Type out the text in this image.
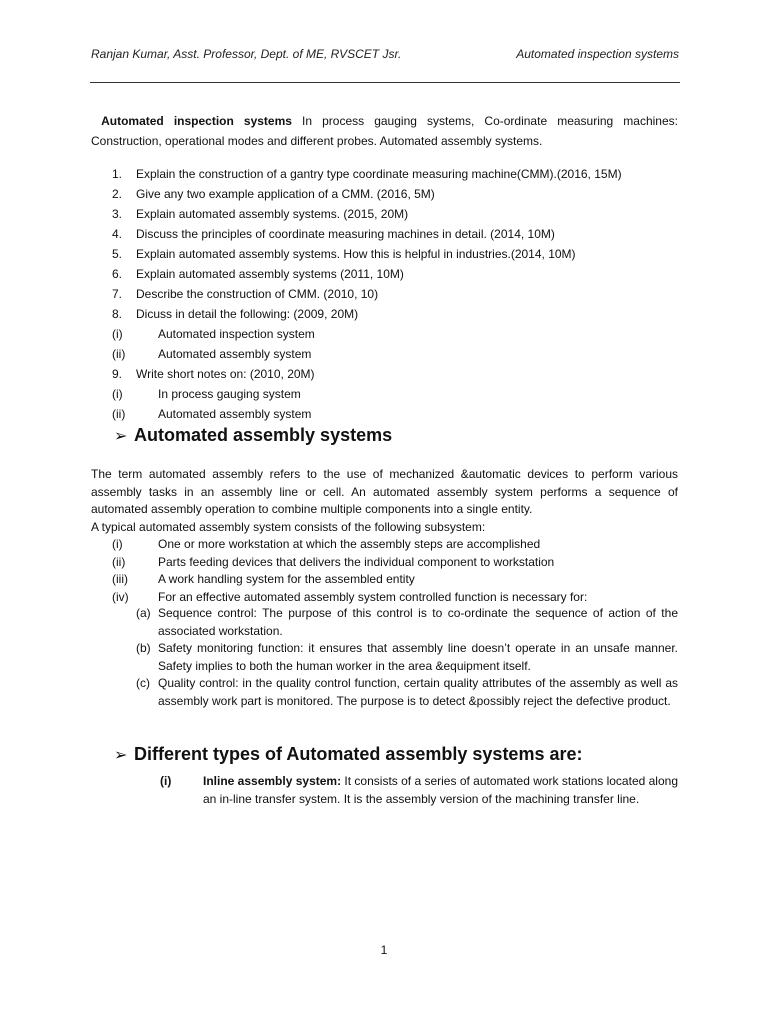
Ranjan Kumar, Asst. Professor, Dept. of ME, RVSCET Jsr.	Automated inspection systems
Automated inspection systems In process gauging systems, Co-ordinate measuring machines: Construction, operational modes and different probes. Automated assembly systems.
1. Explain the construction of a gantry type coordinate measuring machine(CMM).(2016, 15M)
2. Give any two example application of a CMM. (2016, 5M)
3. Explain automated assembly systems. (2015, 20M)
4. Discuss the principles of coordinate measuring machines in detail. (2014, 10M)
5. Explain automated assembly systems. How this is helpful in industries.(2014, 10M)
6. Explain automated assembly systems (2011, 10M)
7. Describe the construction of CMM. (2010, 10)
8. Dicuss in detail the following: (2009, 20M)
(i)	Automated inspection system
(ii)	Automated assembly system
9. Write short notes on: (2010, 20M)
(i)	In process gauging system
(ii)	Automated assembly system
➢ Automated assembly systems
The term automated assembly refers to the use of mechanized &automatic devices to perform various assembly tasks in an assembly line or cell. An automated assembly system performs a sequence of automated assembly operation to combine multiple components into a single entity.
A typical automated assembly system consists of the following subsystem:
(i)	One or more workstation at which the assembly steps are accomplished
(ii)	Parts feeding devices that delivers the individual component to workstation
(iii)	A work handling system for the assembled entity
(iv) For an effective automated assembly system controlled function is necessary for:
(a) Sequence control: The purpose of this control is to co-ordinate the sequence of action of the associated workstation.
(b) Safety monitoring function: it ensures that assembly line doesn’t operate in an unsafe manner. Safety implies to both the human worker in the area &equipment itself.
(c) Quality control: in the quality control function, certain quality attributes of the assembly as well as assembly work part is monitored. The purpose is to detect &possibly reject the defective product.
➢ Different types of Automated assembly systems are:
(i)	Inline assembly system: It consists of a series of automated work stations located along an in-line transfer system. It is the assembly version of the machining transfer line.
1
